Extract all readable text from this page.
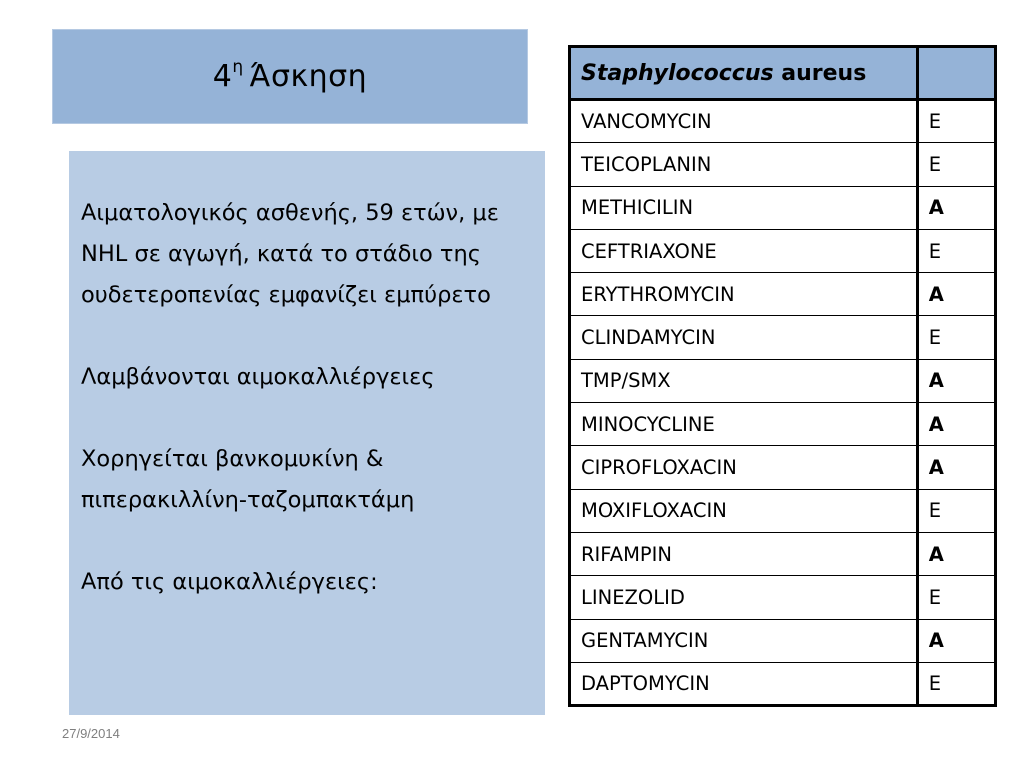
$4^\eta$ Άσκηση

Αιματολογικός ασθενής, 59 ετών, με NHL σε αγωγή, κατά το στάδιο της ουδετεροπενίας εμφανίζει εμπύρετο

Λαμβάνονται αιμοκαλλιέργειες

Χορηγείται βανκομυκίνη & πιπερακιλλίνη-ταζομπακτάμη

Από τις αιμοκαλλιέργειες:

Staphylococcus aureus	
VANCOMYCIN	E
TEICOPLANIN	E
METHICILIN	A
CEFTRIAXONE	E
ERYTHROMYCIN	A
CLINDAMYCIN	E
TMP/SMX	A
MINOCYCLINE	A
CIPROFLOXACIN	A
MOXIFLOXACIN	E
RIFAMPIN	A
LINEZOLID	E
GENTAMYCIN	A
DAPTOMYCIN	E
27/9/2014
